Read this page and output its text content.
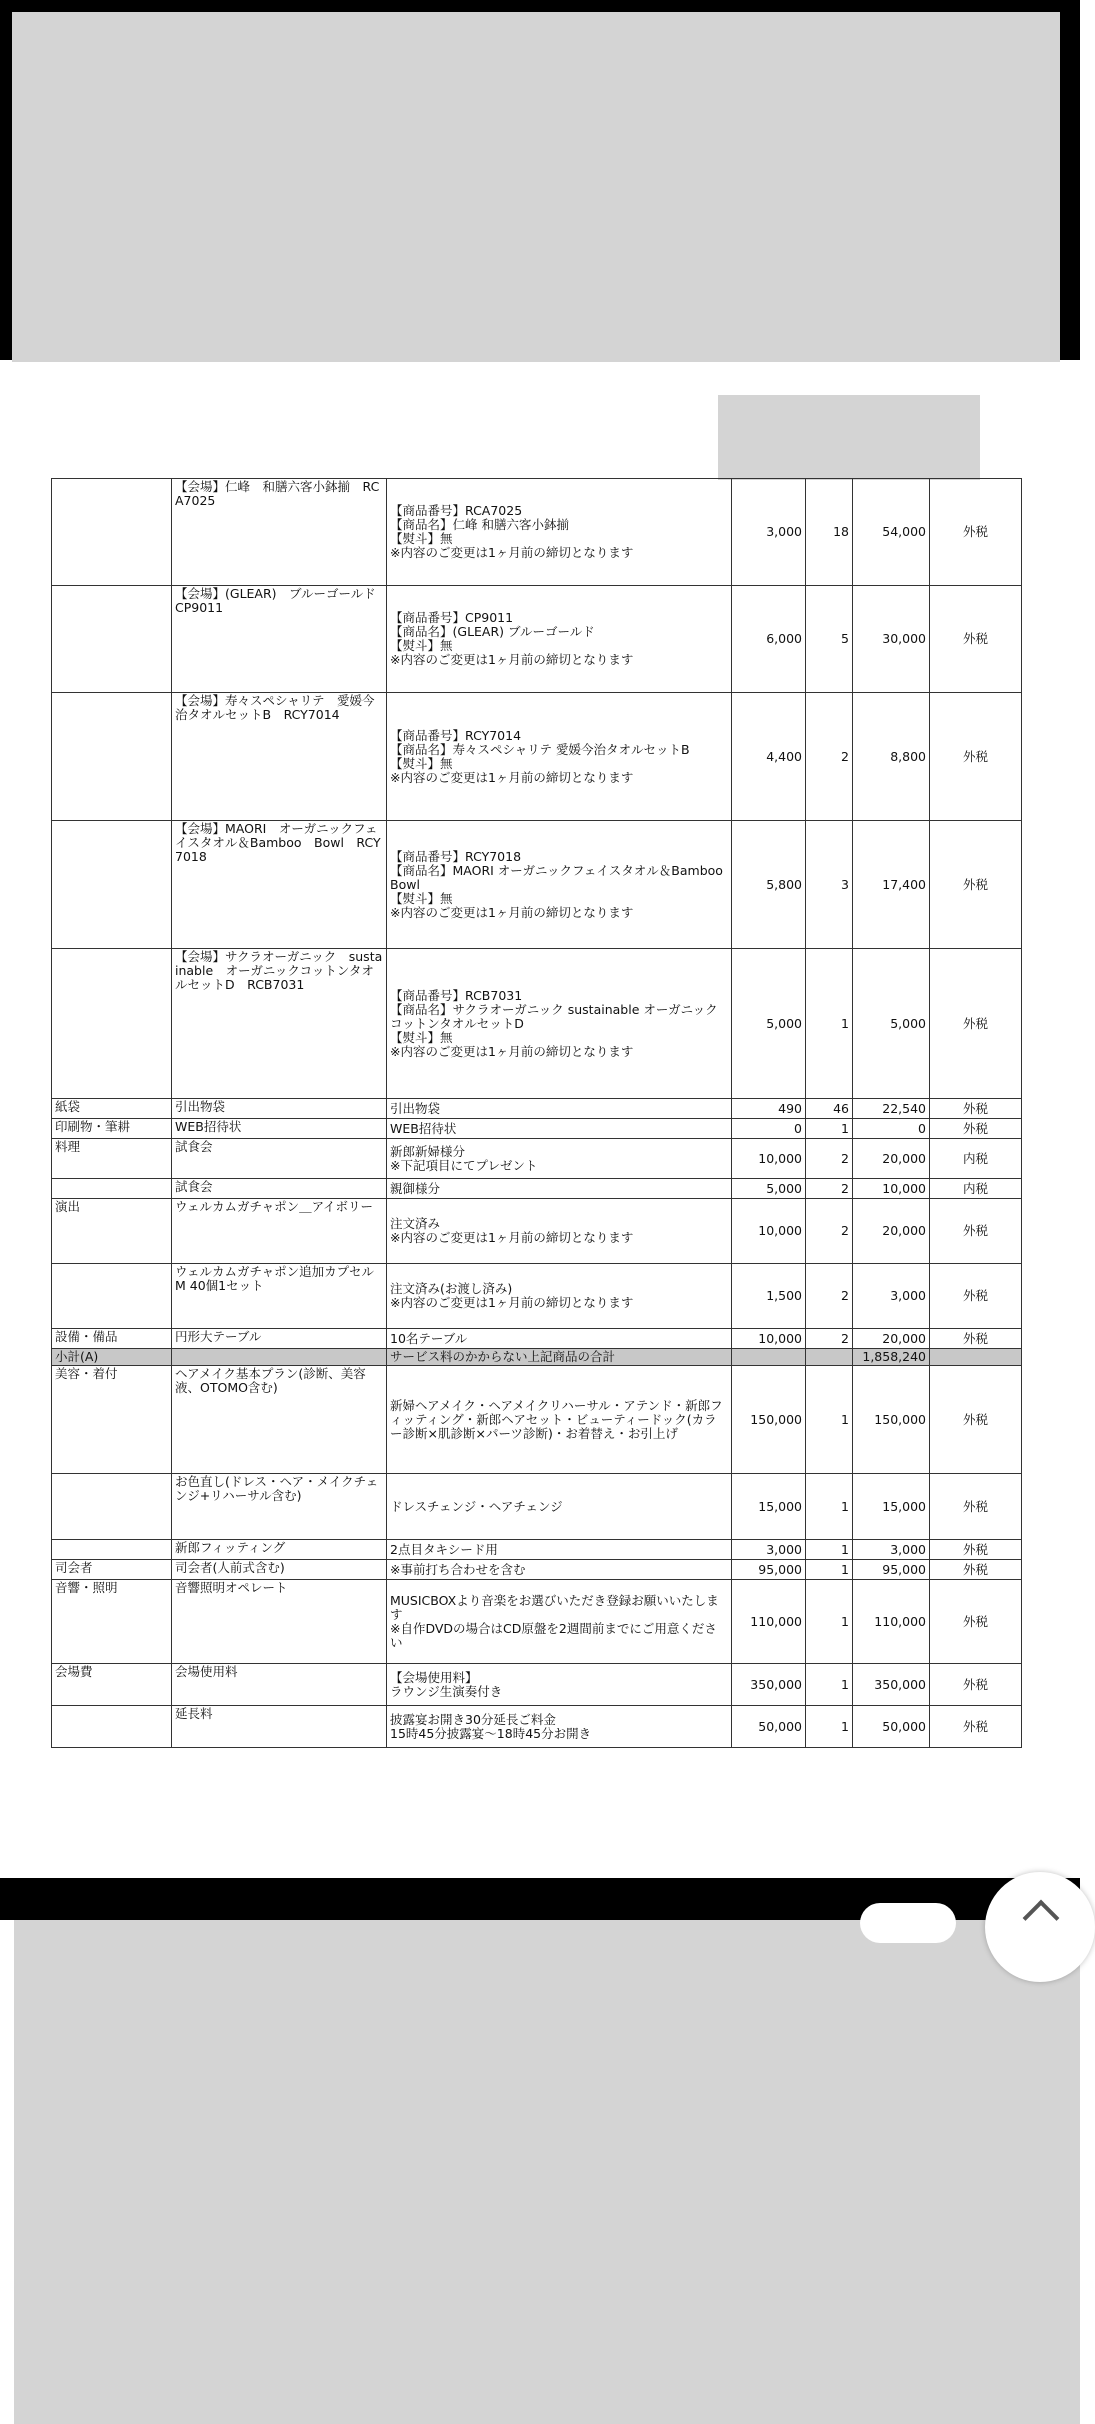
	【会場】仁峰　和膳六客小鉢揃　RCA7025	【商品番号】RCA7025
【商品名】仁峰 和膳六客小鉢揃
【熨斗】無
※内容のご変更は1ヶ月前の締切となります	3,000	18	54,000	外税
	【会場】(GLEAR)　ブルーゴールド　CP9011	【商品番号】CP9011
【商品名】(GLEAR) ブルーゴールド
【熨斗】無
※内容のご変更は1ヶ月前の締切となります	6,000	5	30,000	外税
	【会場】寿々スペシャリテ　愛媛今治タオルセットB　RCY7014	【商品番号】RCY7014
【商品名】寿々スペシャリテ 愛媛今治タオルセットB
【熨斗】無
※内容のご変更は1ヶ月前の締切となります	4,400	2	8,800	外税
	【会場】MAORI　オーガニックフェイスタオル＆Bamboo　Bowl　RCY7018	【商品番号】RCY7018
【商品名】MAORI オーガニックフェイスタオル＆Bamboo Bowl
【熨斗】無
※内容のご変更は1ヶ月前の締切となります	5,800	3	17,400	外税
	【会場】サクラオーガニック　sustainable　オーガニックコットンタオルセットD　RCB7031	【商品番号】RCB7031
【商品名】サクラオーガニック sustainable オーガニックコットンタオルセットD
【熨斗】無
※内容のご変更は1ヶ月前の締切となります	5,000	1	5,000	外税
紙袋	引出物袋	引出物袋	490	46	22,540	外税
印刷物・筆耕	WEB招待状	WEB招待状	0	1	0	外税
料理	試食会	新郎新婦様分
※下記項目にてプレゼント	10,000	2	20,000	内税
	試食会	親御様分	5,000	2	10,000	内税
演出	ウェルカムガチャポン＿アイボリー	注文済み
※内容のご変更は1ヶ月前の締切となります	10,000	2	20,000	外税
	ウェルカムガチャポン追加カプセルM 40個1セット	注文済み(お渡し済み)
※内容のご変更は1ヶ月前の締切となります	1,500	2	3,000	外税
設備・備品	円形大テーブル	10名テーブル	10,000	2	20,000	外税
小計(A)		サービス料のかからない上記商品の合計			1,858,240	
美容・着付	ヘアメイク基本プラン(診断、美容液、OTOMO含む)	新婦ヘアメイク・ヘアメイクリハーサル・アテンド・新郎フィッティング・新郎ヘアセット・ビューティードック(カラー診断×肌診断×パーツ診断)・お着替え・お引上げ	150,000	1	150,000	外税
	お色直し(ドレス・ヘア・メイクチェンジ+リハーサル含む)	ドレスチェンジ・ヘアチェンジ	15,000	1	15,000	外税
	新郎フィッティング	2点目タキシード用	3,000	1	3,000	外税
司会者	司会者(人前式含む)	※事前打ち合わせを含む	95,000	1	95,000	外税
音響・照明	音響照明オペレート	MUSICBOXより音楽をお選びいただき登録お願いいたします
※自作DVDの場合はCD原盤を2週間前までにご用意ください	110,000	1	110,000	外税
会場費	会場使用料	【会場使用料】
ラウンジ生演奏付き	350,000	1	350,000	外税
	延長料	披露宴お開き30分延長ご料金
15時45分披露宴～18時45分お開き	50,000	1	50,000	外税
